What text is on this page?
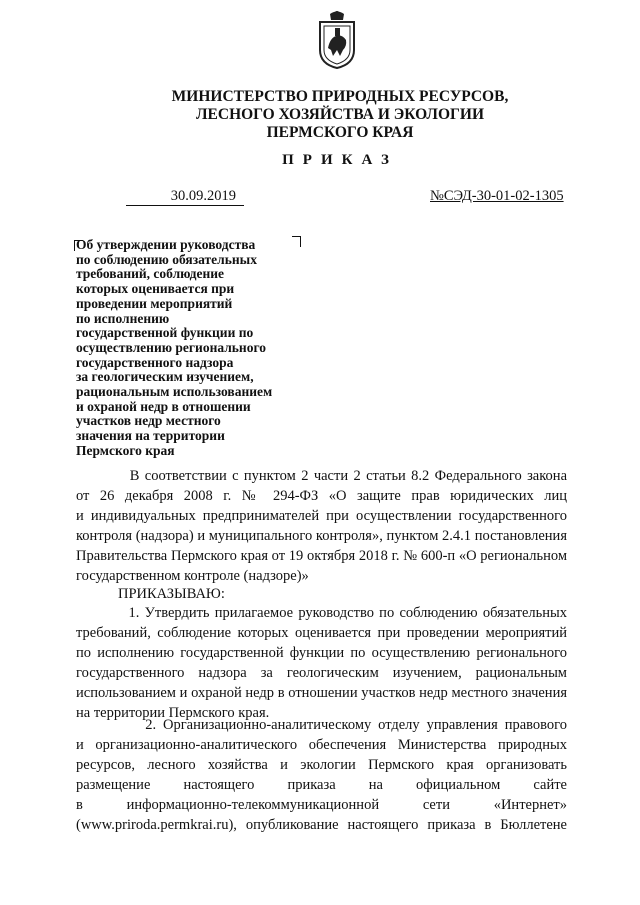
МИНИСТЕРСТВО ПРИРОДНЫХ РЕСУРСОВ,
ЛЕСНОГО ХОЗЯЙСТВА И ЭКОЛОГИИ
ПЕРМСКОГО КРАЯ
ПРИКАЗ
30.09.2019	№СЭД-30-01-02-1305
Об утверждении руководства
по соблюдению обязательных
требований, соблюдение
которых оценивается при
проведении мероприятий
по исполнению
государственной функции по
осуществлению регионального
государственного надзора
за геологическим изучением,
рациональным использованием
и охраной недр в отношении
участков недр местного
значения на территории
Пермского края
В соответствии с пунктом 2 части 2 статьи 8.2 Федерального закона
от 26 декабря 2008 г. № 294-ФЗ «О защите прав юридических лиц
и индивидуальных предпринимателей при осуществлении государственного
контроля (надзора) и муниципального контроля», пунктом 2.4.1 постановления
Правительства Пермского края от 19 октября 2018 г. № 600-п «О региональном
государственном контроле (надзоре)»
ПРИКАЗЫВАЮ:
1. Утвердить прилагаемое руководство по соблюдению обязательных
требований, соблюдение которых оценивается при проведении мероприятий
по исполнению государственной функции по осуществлению регионального
государственного надзора за геологическим изучением, рациональным
использованием и охраной недр в отношении участков недр местного значения
на территории Пермского края.
2. Организационно-аналитическому отделу управления правового
и организационно-аналитического обеспечения Министерства природных
ресурсов, лесного хозяйства и экологии Пермского края организовать
размещение настоящего приказа на официальном сайте
в информационно-телекоммуникационной сети «Интернет»
(www.priroda.permkrai.ru), опубликование настоящего приказа в Бюллетене
